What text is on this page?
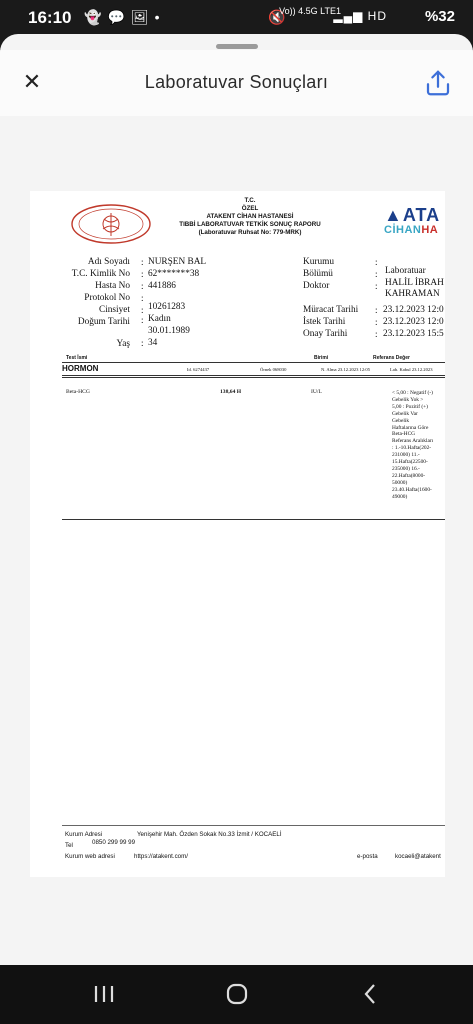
16:10 👻💬🖼•	🔇
Vo)) 4.5G LTE1
▂▄▆ HD	%32
✕	Laboratuvar Sonuçları
T.C.
ÖZEL
ATAKENT CİHAN HASTANESİ
TIBBİ LABORATUVAR TETKİK SONUÇ RAPORU
(Laboratuvar Ruhsat No: 779-MRK)
▲ATA
CİHANHA
Adı Soyadı : NURŞEN BAL
T.C. Kimlik No : 62*******38
Hasta No : 441886
Protokol No :
Cinsiyet : 10261283
Doğum Tarihi : Kadın
30.01.1989
Yaş : 34
Kurumu	:
Bölümü	: Laboratuar
Doktor	: HALİL İBRAH
KAHRAMAN
Müracat Tarihi : 23.12.2023 12:0
İstek Tarihi	: 23.12.2023 12:0
Onay Tarihi	: 23.12.2023 15:5
Test İsmi	Birimi	Referans Değer
HORMON	Id. 6274437	Örnek 068030	N. Alma 23.12.2023 12:05	Lab. Kabul 23.12.2023
Beta-HCG	138,64 H	IU/L	< 5,00 : Negatif (-)
Gebelik Yok >
5,00 : Pozitif (+)
Gebelik Var
Gebelik
Haftalarına Göre
Beta-HCG
Referans Aralıkları
: 1.-10.Hafta(202-
231000) 11.-
15.Hafta(22500-
235000) 16.-
22.Hafta(8000-
50000)
23.40.Hafta(1600-
49000)
Kurum Adresi	Yenişehir Mah. Özden Sokak No.33 İzmit / KOCAELİ
Tel	0850 299 99 99
Kurum web adresi	https://atakent.com/	e-posta	kocaeli@atakent
